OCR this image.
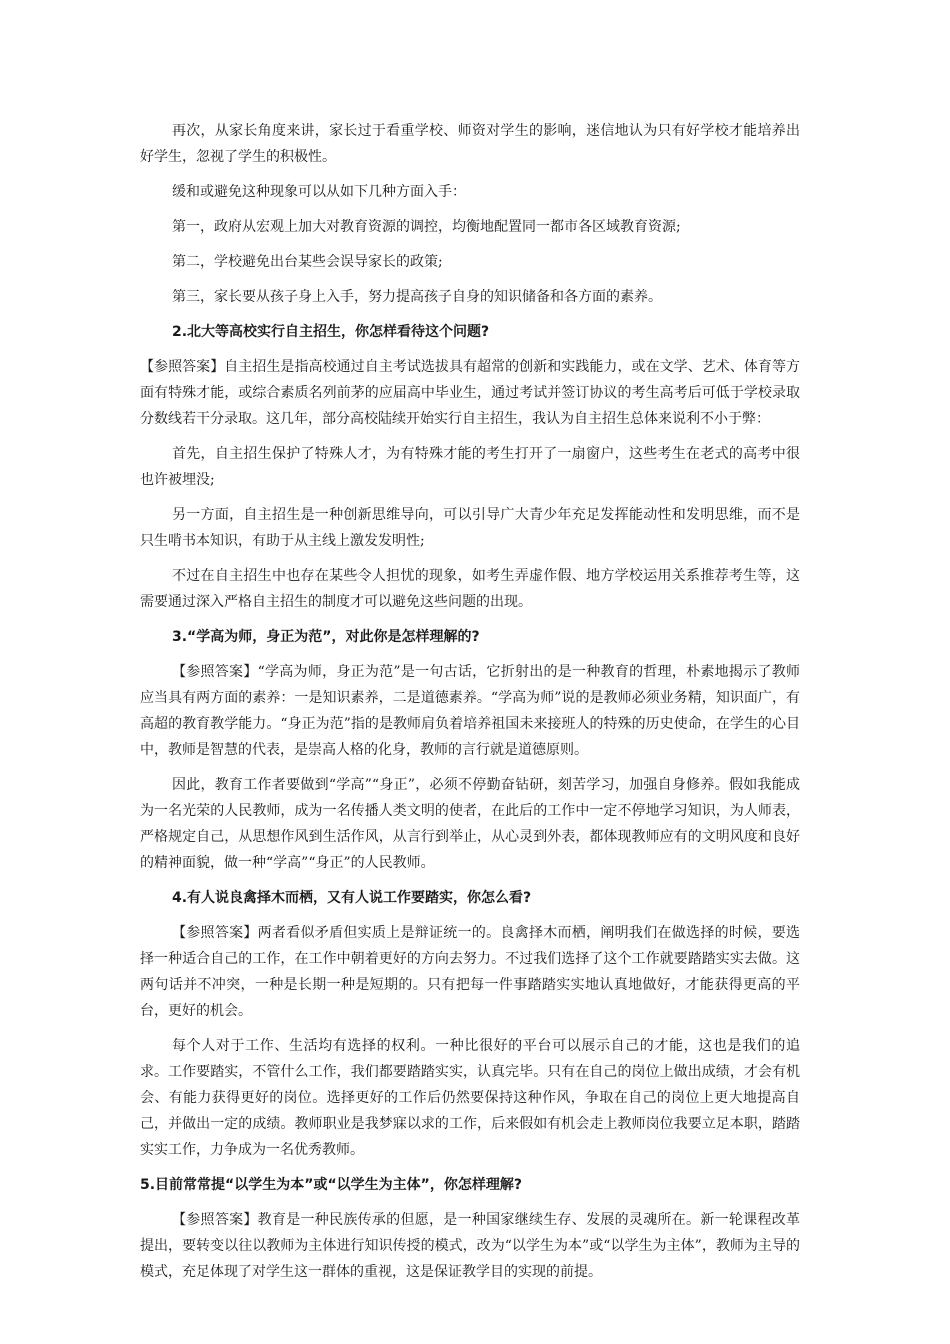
再次，从家长角度来讲，家长过于看重学校、师资对学生的影响，迷信地认为只有好学校才能培养出好学生，忽视了学生的积极性。

缓和或避免这种现象可以从如下几种方面入手：

第一，政府从宏观上加大对教育资源的调控，均衡地配置同一都市各区域教育资源;

第二，学校避免出台某些会误导家长的政策;

第三，家长要从孩子身上入手，努力提高孩子自身的知识储备和各方面的素养。

2.北大等高校实行自主招生，你怎样看待这个问题?

【参照答案】自主招生是指高校通过自主考试选拔具有超常的创新和实践能力，或在文学、艺术、体育等方面有特殊才能，或综合素质名列前茅的应届高中毕业生，通过考试并签订协议的考生高考后可低于学校录取分数线若干分录取。这几年，部分高校陆续开始实行自主招生，我认为自主招生总体来说利不小于弊：

首先，自主招生保护了特殊人才，为有特殊才能的考生打开了一扇窗户，这些考生在老式的高考中很也许被埋没;

另一方面，自主招生是一种创新思维导向，可以引导广大青少年充足发挥能动性和发明思维，而不是只生啃书本知识，有助于从主线上激发发明性;

不过在自主招生中也存在某些令人担忧的现象，如考生弄虚作假、地方学校运用关系推荐考生等，这需要通过深入严格自主招生的制度才可以避免这些问题的出现。

3.“学高为师，身正为范”，对此你是怎样理解的?

【参照答案】“学高为师，身正为范”是一句古话，它折射出的是一种教育的哲理，朴素地揭示了教师应当具有两方面的素养：一是知识素养，二是道德素养。“学高为师”说的是教师必须业务精，知识面广，有高超的教育教学能力。“身正为范”指的是教师肩负着培养祖国未来接班人的特殊的历史使命，在学生的心目中，教师是智慧的代表，是崇高人格的化身，教师的言行就是道德原则。

因此，教育工作者要做到“学高”“身正”，必须不停勤奋钻研，刻苦学习，加强自身修养。假如我能成为一名光荣的人民教师，成为一名传播人类文明的使者，在此后的工作中一定不停地学习知识，为人师表，严格规定自己，从思想作风到生活作风，从言行到举止，从心灵到外表，都体现教师应有的文明风度和良好的精神面貌，做一种“学高”“身正”的人民教师。

4.有人说良禽择木而栖，又有人说工作要踏实，你怎么看?

【参照答案】两者看似矛盾但实质上是辩证统一的。良禽择木而栖，阐明我们在做选择的时候，要选择一种适合自己的工作，在工作中朝着更好的方向去努力。不过我们选择了这个工作就要踏踏实实去做。这两句话并不冲突，一种是长期一种是短期的。只有把每一件事踏踏实实地认真地做好，才能获得更高的平台，更好的机会。

每个人对于工作、生活均有选择的权利。一种比很好的平台可以展示自己的才能，这也是我们的追求。工作要踏实，不管什么工作，我们都要踏踏实实，认真完毕。只有在自己的岗位上做出成绩，才会有机会、有能力获得更好的岗位。选择更好的工作后仍然要保持这种作风，争取在自己的岗位上更大地提高自己，并做出一定的成绩。教师职业是我梦寐以求的工作，后来假如有机会走上教师岗位我要立足本职，踏踏实实工作，力争成为一名优秀教师。

5.目前常常提“以学生为本”或“以学生为主体”，你怎样理解?

【参照答案】教育是一种民族传承的但愿，是一种国家继续生存、发展的灵魂所在。新一轮课程改革提出，要转变以往以教师为主体进行知识传授的模式，改为“以学生为本”或“以学生为主体”，教师为主导的模式，充足体现了对学生这一群体的重视，这是保证教学目的实现的前提。
